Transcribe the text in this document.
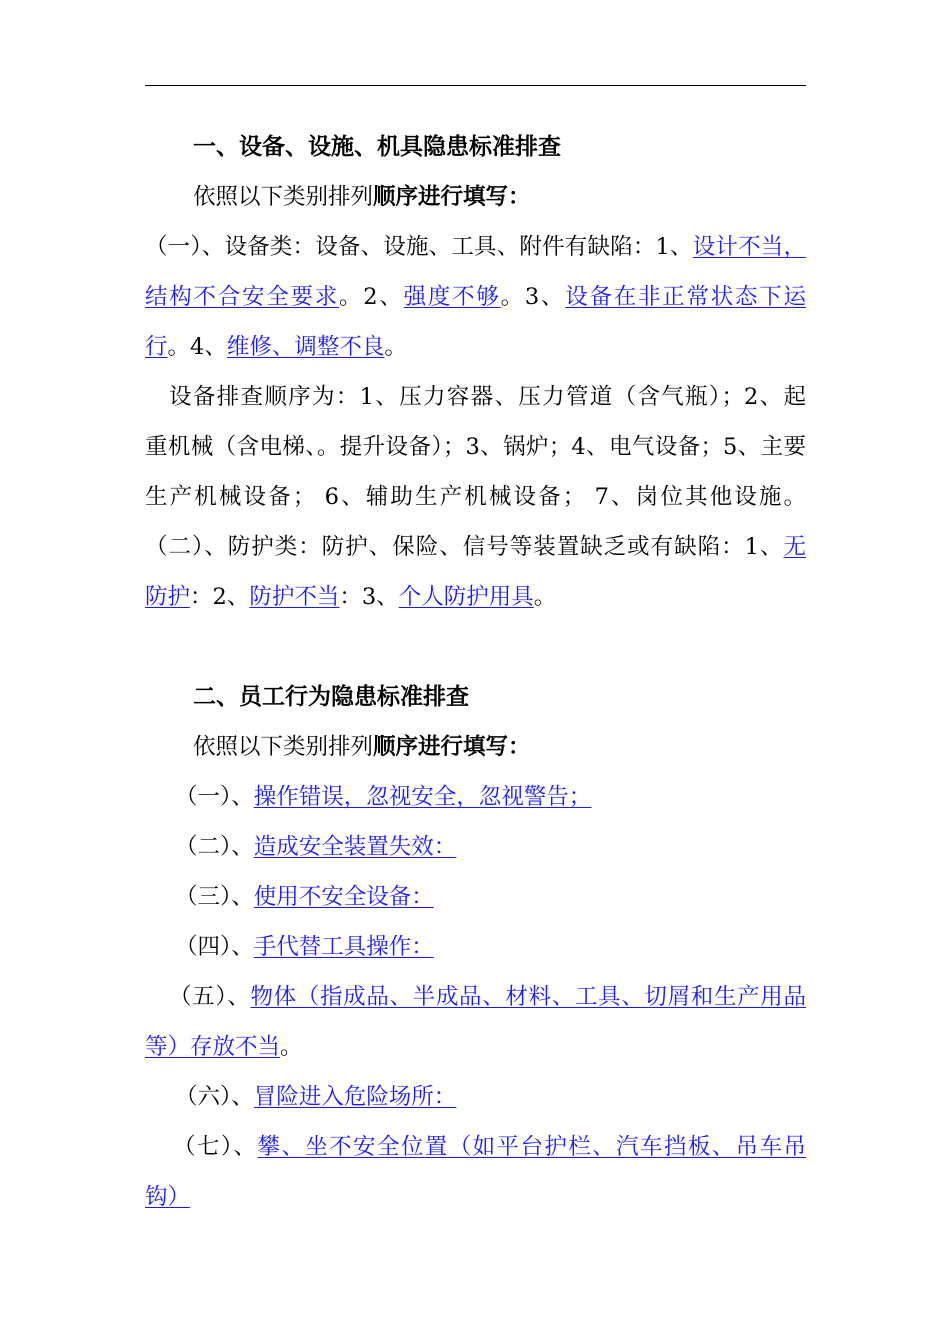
一、设备、设施、机具隐患标准排查
依照以下类别排列顺序进行填写：
（一）、设备类：设备、设施、工具、附件有缺陷：1、设计不当，
结构不合安全要求。2、强度不够。3、设备在非正常状态下运
行。4、维修、调整不良。
设备排查顺序为：1、压力容器、压力管道（含气瓶）；2、起
重机械（含电梯、。提升设备）；3、锅炉；4、电气设备；5、主要
生产机械设备； 6、辅助生产机械设备； 7、岗位其他设施。
（二）、防护类：防护、保险、信号等装置缺乏或有缺陷：1、无
防护：2、防护不当：3、个人防护用具。
二、员工行为隐患标准排查
依照以下类别排列顺序进行填写：
（一）、操作错误，忽视安全，忽视警告；
（二）、造成安全装置失效：
（三）、使用不安全设备：
（四）、手代替工具操作：
（五）、物体（指成品、半成品、材料、工具、切屑和生产用品
等）存放不当。
（六）、冒险进入危险场所：
（七）、攀、坐不安全位置（如平台护栏、汽车挡板、吊车吊
钩）
